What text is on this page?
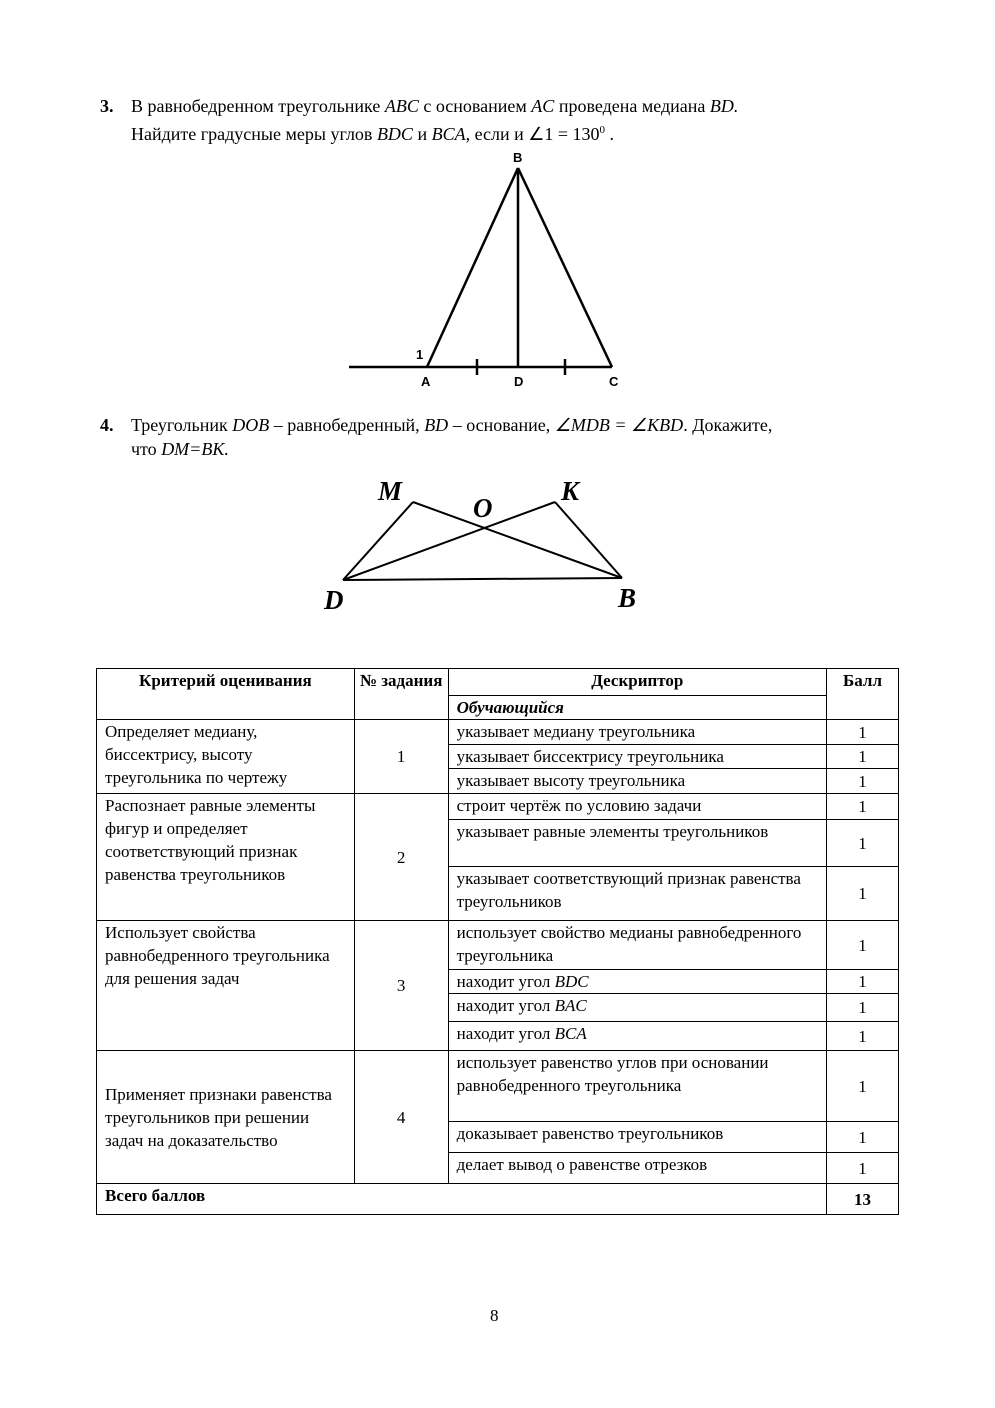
3. В равнобедренном треугольнике ABC с основанием AC проведена медиана BD.
Найдите градусные меры углов BDC и BCA, если и ∠1 = $130^0$ .
B
1
A	D	C
M
O
K
D	B
4. Треугольник DOB – равнобедренный, BD – основание, ∠MDB = ∠KBD. Докажите,
что DM=BK.
Критерий оценивания	№ задания	Дескриптор	Балл
		Обучающийся	
Определяет медиану, биссектрису, высоту треугольника по чертежу	1	указывает медиану треугольника	1
		указывает биссектрису треугольника	1
		указывает высоту треугольника	1
Распознает равные элементы фигур и определяет соответствующий признак равенства треугольников	2	строит чертёж по условию задачи	1
		указывает равные элементы треугольников	1
		указывает соответствующий признак равенства треугольников	1
Использует свойства равнобедренного треугольника для решения задач	3	использует свойство медианы равнобедренного треугольника	1
		находит угол BDC	1
		находит угол BAC	1
		находит угол BCA	1
Применяет признаки равенства треугольников при решении задач на доказательство	4	использует равенство углов при основании равнобедренного треугольника	1
		доказывает равенство треугольников	1
		делает вывод о равенстве отрезков	1
Всего баллов			13
8
